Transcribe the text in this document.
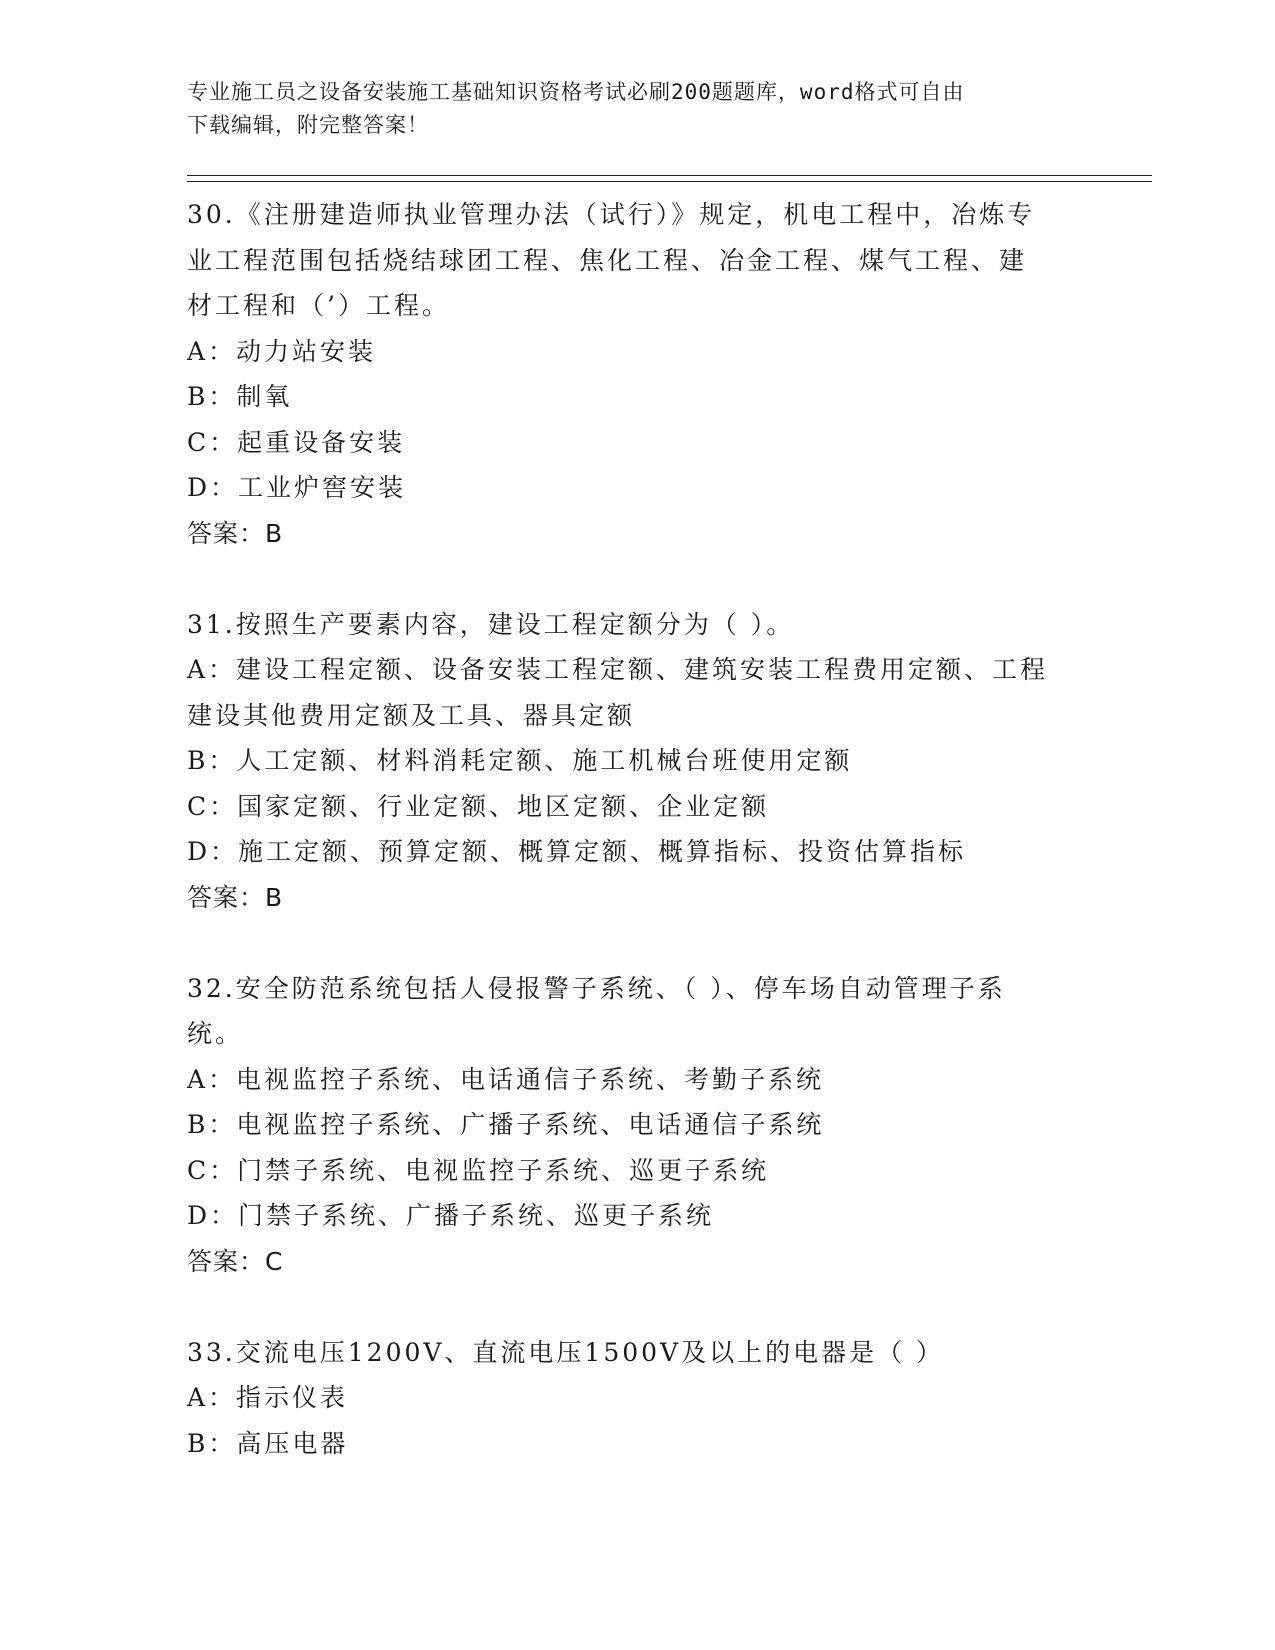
专业施工员之设备安装施工基础知识资格考试必刷200题题库，word格式可自由
下载编辑，附完整答案！

30.《注册建造师执业管理办法（试行）》规定，机电工程中，冶炼专

业工程范围包括烧结球团工程、焦化工程、冶金工程、煤气工程、建

材工程和（’）工程。

A：动力站安装

B：制氧

C：起重设备安装

D：工业炉窖安装

答案：B

31.按照生产要素内容，建设工程定额分为（ ）。

A：建设工程定额、设备安装工程定额、建筑安装工程费用定额、工程

建设其他费用定额及工具、器具定额

B：人工定额、材料消耗定额、施工机械台班使用定额

C：国家定额、行业定额、地区定额、企业定额

D：施工定额、预算定额、概算定额、概算指标、投资估算指标

答案：B

32.安全防范系统包括人侵报警子系统、（ ）、停车场自动管理子系

统。

A：电视监控子系统、电话通信子系统、考勤子系统

B：电视监控子系统、广播子系统、电话通信子系统

C：门禁子系统、电视监控子系统、巡更子系统

D：门禁子系统、广播子系统、巡更子系统

答案：C

33.交流电压1200V、直流电压1500V及以上的电器是（ ）

A：指示仪表

B：高压电器
